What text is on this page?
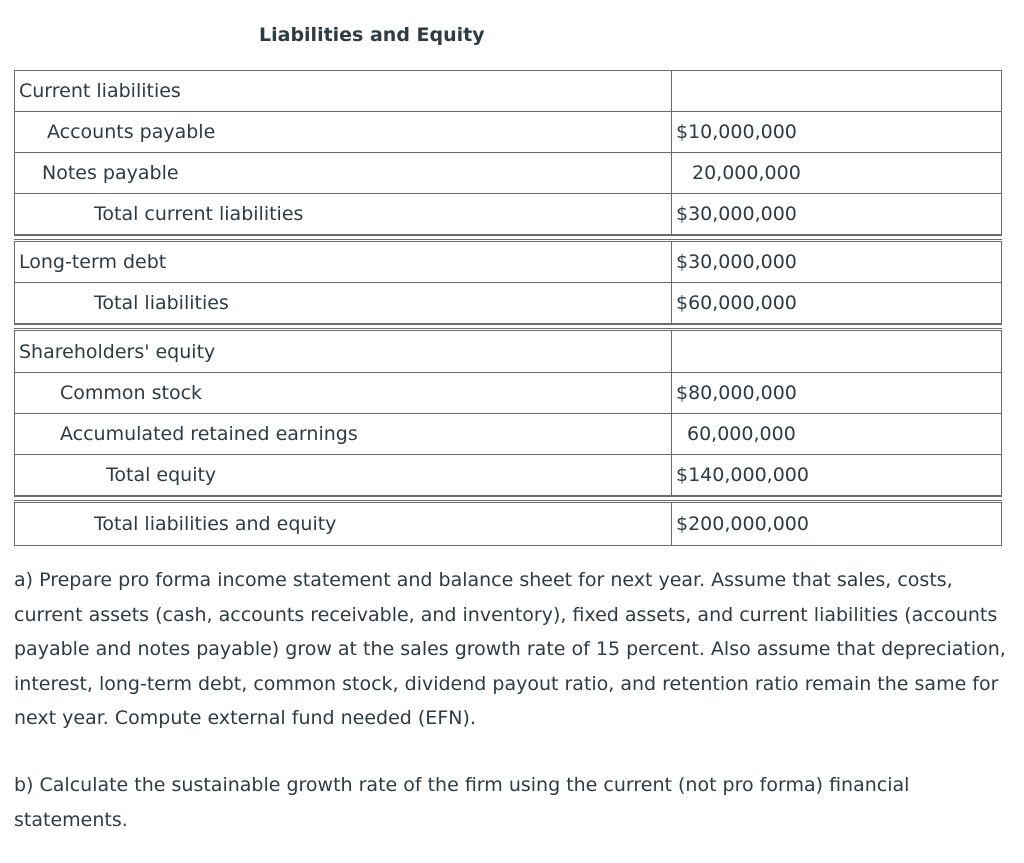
Liabilities and Equity
Current liabilities
Accounts payable	$10,000,000
Notes payable	20,000,000
Total current liabilities	$30,000,000
Long-term debt	$30,000,000
Total liabilities	$60,000,000
Shareholders' equity
Common stock	$80,000,000
Accumulated retained earnings	60,000,000
Total equity	$140,000,000
Total liabilities and equity	$200,000,000
a) Prepare pro forma income statement and balance sheet for next year. Assume that sales, costs, current assets (cash, accounts receivable, and inventory), fixed assets, and current liabilities (accounts payable and notes payable) grow at the sales growth rate of 15 percent. Also assume that depreciation, interest, long-term debt, common stock, dividend payout ratio, and retention ratio remain the same for next year. Compute external fund needed (EFN).
b) Calculate the sustainable growth rate of the firm using the current (not pro forma) financial statements.
